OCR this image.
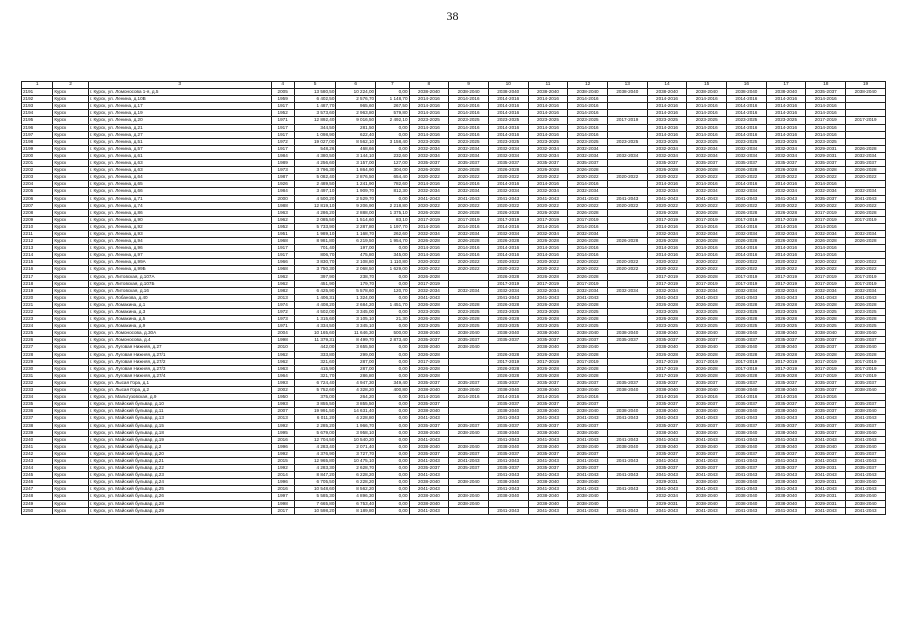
38
1	2	3	4	5	6	7	8	9	10	11	12	13	14	15	16	17	18	19
2191	Курск	г. Курск, ул. Ломоносова 1-я, д.5	2005	13 580,50	10 224,00	0,00	2038-2040	2038-2040	2038-2040	2038-2040	2038-2040	2038-2040	2038-2040	2038-2040	2038-2040	2038-2040	2035-2037	2038-2040
2192	Курск	г. Курск, ул. Ленина, д.10В	1959	6 402,50	2 576,70	1 148,70	2014-2016	2014-2016	2014-2016	2014-2016	2014-2016		2014-2016	2014-2016	2014-2016	2014-2016	2014-2016	
2193	Курск	г. Курск, ул. Ленина, д.17	1917	1 487,70	965,60	267,50	2014-2016	2014-2016	2014-2016	2014-2016	2014-2016		2014-2016	2014-2016	2014-2016	2014-2016	2014-2016	
2194	Курск	г. Курск, ул. Ленина, д.19	1952	3 573,60	2 963,80	579,80	2014-2016	2014-2016	2014-2016	2014-2016	2014-2016		2014-2016	2014-2016	2014-2016	2014-2016	2014-2016	
2195	Курск	г. Курск, ул. Ленина, д.20	1971	12 892,40	9 016,50	2 492,10	2023-2025	2023-2025	2023-2025	2023-2025	2023-2025	2017-2019	2023-2025	2023-2025	2023-2025	2023-2025	2017-2019	2017-2019
2196	Курск	г. Курск, ул. Ленина, д.21	1917	344,50	281,50	0,00	2014-2016	2014-2016	2014-2016	2014-2016	2014-2016		2014-2016	2014-2016	2014-2016	2014-2016	2014-2016	
2197	Курск	г. Курск, ул. Ленина, д.27	1917	1 098,90	622,40	0,00	2014-2016	2014-2016	2014-2016	2014-2016	2014-2016		2014-2016	2014-2016	2014-2016	2014-2016	2014-2016	
2198	Курск	г. Курск, ул. Ленина, д.51	1972	19 027,00	8 562,10	3 158,40	2023-2025	2023-2025	2023-2025	2023-2025	2023-2025	2023-2025	2023-2025	2023-2025	2023-2025	2023-2025	2023-2025	
2199	Курск	г. Курск, ул. Ленина, д.57	1917	548,26	468,66	0,00	2032-2034	2032-2034	2032-2034	2032-2034	2032-2034		2032-2034	2032-2034	2032-2034	2032-2034	2029-2031	2026-2028
2200	Курск	г. Курск, ул. Ленина, д.61	1984	4 380,50	3 144,10	232,60	2032-2034	2032-2034	2032-2034	2032-2034	2032-2034	2032-2034	2032-2034	2032-2034	2032-2034	2032-2034	2029-2031	2032-2034
2201	Курск	г. Курск, ул. Ленина, д.63	1989	4 256,60	3 157,00	127,00	2035-2037	2035-2037	2035-2037	2035-2037	2035-2037		2035-2037	2035-2037	2035-2037	2035-2037	2035-2037	2035-2037
2202	Курск	г. Курск, ул. Ленина, д.63	1973	3 796,30	1 864,90	304,00	2026-2028	2026-2028	2026-2028	2026-2028	2026-2028		2026-2028	2026-2028	2026-2028	2026-2028	2026-2028	2026-2028
2203	Курск	г. Курск, ул. Ленина, д.64	1987	5 082,40	2 876,50	654,40	2020-2022	2020-2022	2020-2022	2020-2022	2020-2022	2020-2022	2020-2022	2020-2022	2020-2022	2020-2022	2020-2022	2020-2022
2204	Курск	г. Курск, ул. Ленина, д.65	1926	2 489,50	1 241,90	782,60	2014-2016	2014-2016	2014-2016	2014-2016	2014-2016		2014-2016	2014-2016	2014-2016	2014-2016	2014-2016	
2205	Курск	г. Курск, ул. Ленина, д.66	1984	3 497,10	1 909,70	812,30	2032-2034	2032-2034	2032-2034	2032-2034	2032-2034		2032-2034	2032-2034	2032-2034	2032-2034	2032-2034	2032-2034
2206	Курск	г. Курск, ул. Ленина, д.71	2000	4 500,20	2 529,70	0,00	2041-2043	2041-2043	2041-2043	2041-2043	2041-2043	2041-2043	2041-2043	2041-2043	2041-2043	2041-2043	2035-2037	2041-2043
2207	Курск	г. Курск, ул. Ленина, д.74	1988	12 819,10	9 206,90	2 218,80	2020-2022	2020-2022	2020-2022	2020-2022	2020-2022	2020-2022	2020-2022	2020-2022	2020-2022	2020-2022	2020-2022	2020-2022
2208	Курск	г. Курск, ул. Ленина, д.86	1963	4 286,20	2 888,00	1 375,10	2026-2028	2026-2028	2026-2028	2026-2028	2026-2028		2026-2028	2026-2028	2026-2028	2026-2028	2017-2019	2026-2028
2209	Курск	г. Курск, ул. Ленина, д.90	1962	2 085,50	1 514,60	83,10	2017-2019	2017-2019	2017-2019	2017-2019	2017-2019		2017-2019	2017-2019	2017-2019	2017-2019	2017-2019	2017-2019
2210	Курск	г. Курск, ул. Ленина, д.92	1952	5 733,90	2 287,80	1 197,70	2014-2016	2014-2016	2014-2016	2014-2016	2014-2016		2014-2016	2014-2016	2014-2016	2014-2016	2014-2016	
2211	Курск	г. Курск, ул. Ленина, д.93	1951	1 989,10	1 168,70	262,60	2032-2034	2032-2034	2032-2034	2032-2034	2032-2034		2032-2034	2032-2034	2032-2034	2032-2034	2032-2034	2032-2034
2212	Курск	г. Курск, ул. Ленина, д.94	1968	8 981,80	6 219,50	1 954,70	2026-2028	2026-2028	2026-2028	2026-2028	2026-2028	2026-2028	2026-2028	2026-2028	2026-2028	2026-2028	2026-2028	2026-2028
2213	Курск	г. Курск, ул. Ленина, д.96	1917	701,40	197,00	0,00	2014-2016	2014-2016	2014-2016	2014-2016	2014-2016		2014-2016	2014-2016	2014-2016	2014-2016	2014-2016	
2214	Курск	г. Курск, ул. Ленина, д.97	1917	806,70	475,80	345,00	2014-2016	2014-2016	2014-2016	2014-2016	2014-2016		2014-2016	2014-2016	2014-2016	2014-2016	2014-2016	
2215	Курск	г. Курск, ул. Ленина, д.99А	1966	3 830,70	2 108,80	1 110,80	2020-2022	2020-2022	2020-2022	2020-2022	2020-2022	2020-2022	2020-2022	2020-2022	2020-2022	2020-2022	2020-2022	2020-2022
2216	Курск	г. Курск, ул. Ленина, д.99Б	1968	3 750,30	2 068,50	1 629,00	2020-2022	2020-2022	2020-2022	2020-2022	2020-2022	2020-2022	2020-2022	2020-2022	2020-2022	2020-2022	2020-2022	2020-2022
2217	Курск	г. Курск, ул. Литовская, д.107А	1962	397,90	238,70	0,00	2026-2028		2026-2028	2026-2028	2026-2028		2017-2019	2026-2028	2017-2019	2017-2019	2017-2019	2017-2019
2218	Курск	г. Курск, ул. Литовская, д.107Б	1962	451,90	179,70	0,00	2017-2019		2017-2019	2017-2019	2017-2019		2017-2019	2017-2019	2017-2019	2017-2019	2017-2019	2017-2019
2219	Курск	г. Курск, ул. Литовская, д.16	1982	6 425,90	5 578,60	120,70	2032-2034	2032-2034	2032-2034	2032-2034	2032-2034	2032-2034	2032-2034	2032-2034	2032-2034	2032-2034	2032-2034	2032-2034
2220	Курск	г. Курск, ул. Лобанова, д.40	2013	1 406,31	1 324,00	0,00	2041-2043		2041-2043	2041-2043	2041-2043		2041-2043	2041-2043	2041-2043	2041-2043	2041-2043	2041-2043
2221	Курск	г. Курск, ул. Ломакина, д.1	1974	4 408,20	2 684,20	1 451,70	2026-2028	2026-2028	2026-2028	2026-2028	2026-2028		2026-2028	2026-2028	2026-2028	2026-2028	2026-2028	2026-2028
2222	Курск	г. Курск, ул. Ломакина, д.3	1972	4 502,00	3 345,00	0,00	2023-2025	2023-2025	2023-2025	2023-2025	2023-2025		2023-2025	2023-2025	2023-2025	2023-2025	2023-2025	2023-2025
2223	Курск	г. Курск, ул. Ломакина, д.5	1973	1 315,60	3 105,10	21,30	2026-2028	2026-2028	2026-2028	2026-2028	2026-2028		2026-2028	2026-2028	2026-2028	2026-2028	2026-2028	2026-2028
2224	Курск	г. Курск, ул. Ломакина, д.9	1971	4 334,50	3 345,10	0,00	2023-2025	2023-2025	2023-2025	2023-2025	2023-2025		2023-2025	2023-2025	2023-2025	2023-2025	2023-2025	2023-2025
2225	Курск	г. Курск, ул. Ломоносова, д.30А	2004	10 165,60	11 646,30	500,00	2038-2040	2038-2040	2038-2040	2038-2040	2038-2040	2038-2040	2038-2040	2038-2040	2038-2040	2038-2040	2038-2040	2038-2040
2226	Курск	г. Курск, ул. Ломоносова, д.4	1998	11 379,31	8 499,70	2 873,40	2035-2037	2035-2037	2035-2037	2035-2037	2035-2037	2035-2037	2035-2037	2035-2037	2035-2037	2035-2037	2035-2037	2035-2037
2227	Курск	г. Курск, ул. Луговая Нижняя, д.27	2010	442,00	3 655,50	0,00	2038-2040	2038-2040		2038-2040	2038-2040		2038-2040	2038-2040	2038-2040	2038-2040	2035-2037	2038-2040
2228	Курск	г. Курск, ул. Луговая Нижняя, д.27/1	1962	333,80	299,00	0,00	2026-2028		2026-2028	2026-2028	2026-2028		2026-2028	2026-2028	2026-2028	2026-2028	2026-2028	2026-2028
2229	Курск	г. Курск, ул. Луговая Нижняя, д.27/2	1962	321,60	287,00	0,00	2017-2019		2017-2019	2017-2019	2017-2019		2017-2019	2017-2019	2017-2019	2017-2019	2017-2019	2017-2019
2230	Курск	г. Курск, ул. Луговая Нижняя, д.27/3	1963	415,90	287,00	0,00	2026-2028		2026-2028	2026-2028	2026-2028		2017-2019	2026-2028	2017-2019	2017-2019	2017-2019	2017-2019
2231	Курск	г. Курск, ул. Луговая Нижняя, д.27/4	1964	321,70	286,80	0,00	2026-2028		2026-2028	2026-2028	2026-2028		2017-2019	2026-2028	2026-2028	2026-2028	2017-2019	2017-2019
2232	Курск	г. Курск, ул. Лысая Гора, д.1	1993	6 724,40	4 947,30	349,40	2035-2037	2035-2037	2035-2037	2035-2037	2035-2037	2035-2037	2035-2037	2035-2037	2035-2037	2035-2037	2035-2037	2035-2037
2233	Курск	г. Курск, ул. Лысая Гора, д.2	2002	5 752,60	4 328,20	400,80	2038-2040	2038-2040	2038-2040	2038-2040	2038-2040	2038-2040	2038-2040	2038-2040	2038-2040	2038-2040	2035-2037	2038-2040
2234	Курск	г. Курск, ул. Мальтузовская, д.9	1950	375,00	264,20	0,00	2014-2016	2014-2016	2014-2016	2014-2016	2014-2016		2014-2016	2014-2016	2014-2016	2014-2016	2014-2016	
2235	Курск	г. Курск, ул. Майский бульвар, д.10	1993	3 855,50	3 855,50	0,00	2035-2037		2035-2037	2035-2037	2035-2037		2035-2037	2035-2037	2035-2037	2035-2037	2035-2037	2035-2037
2236	Курск	г. Курск, ул. Майский бульвар, д.11	2007	19 991,50	14 631,40	0,00	2038-2040		2038-2040	2038-2040	2038-2040	2038-2040	2038-2040	2038-2040	2038-2040	2038-2040	2035-2037	2038-2040
2237	Курск	г. Курск, ул. Майский бульвар, д.13	2013	6 011,20	4 228,80	0,00	2041-2043		2041-2043	2041-2043	2041-2043	2041-2043	2041-2043	2041-2043	2041-2043	2041-2043	2041-2043	2041-2043
2238	Курск	г. Курск, ул. Майский бульвар, д.15	1992	2 285,20	1 966,70	0,00	2035-2037	2035-2037	2035-2037	2035-2037	2035-2037		2035-2037	2035-2037	2035-2037	2035-2037	2035-2037	2035-2037
2239	Курск	г. Курск, ул. Майский бульвар, д.18	1995	5 679,00	3 958,10	0,00	2038-2040	2038-2040	2038-2040	2038-2040	2038-2040		2038-2040	2038-2040	2038-2040	2038-2040	2035-2037	2038-2040
2240	Курск	г. Курск, ул. Майский бульвар, д.19	2016	12 704,50	10 540,20	0,00	2041-2043		2041-2043	2041-2043	2041-2043	2041-2043	2041-2043	2041-2043	2041-2043	2041-2043	2041-2043	2041-2043
2241	Курск	г. Курск, ул. Майский бульвар, д.2	1996	4 283,40	2 071,40	0,00	2038-2040	2038-2040	2038-2040	2038-2040	2038-2040	2038-2040	2038-2040	2038-2040	2038-2040	2038-2040	2038-2040	2038-2040
2242	Курск	г. Курск, ул. Майский бульвар, д.20	1992	4 376,90	3 727,70	0,00	2035-2037	2035-2037	2035-2037	2035-2037	2035-2037		2035-2037	2035-2037	2035-2037	2035-2037	2035-2037	2035-2037
2243	Курск	г. Курск, ул. Майский бульвар, д.21	2015	12 965,80	10 475,10	0,00	2041-2043	2041-2043	2041-2043	2041-2043	2041-2043	2041-2043	2041-2043	2041-2043	2041-2043	2041-2043	2041-2043	2041-2043
2244	Курск	г. Курск, ул. Майский бульвар, д.22	1992	4 283,30	2 628,70	0,00	2035-2037	2035-2037	2035-2037	2035-2037	2035-2037		2035-2037	2035-2037	2035-2037	2035-2037	2029-2031	2035-2037
2245	Курск	г. Курск, ул. Майский бульвар, д.23	2014	8 847,20	6 228,20	0,00	2041-2043		2041-2043	2041-2043	2041-2043	2041-2043	2041-2043	2041-2043	2041-2043	2041-2043	2041-2043	2041-2043
2246	Курск	г. Курск, ул. Майский бульвар, д.24	1996	6 705,50	6 228,20	0,00	2038-2040	2038-2040	2038-2040	2038-2040	2038-2040		2029-2031	2038-2040	2038-2040	2038-2040	2029-2031	2038-2040
2247	Курск	г. Курск, ул. Майский бульвар, д.25	2016	10 548,60	8 562,20	0,00	2041-2043		2041-2043	2041-2043	2041-2043	2041-2043	2041-2043	2041-2043	2041-2043	2041-2043	2041-2043	2041-2043
2248	Курск	г. Курск, ул. Майский бульвар, д.26	1997	5 585,30	4 896,30	0,00	2038-2040	2038-2040	2038-2040	2038-2040	2038-2040		2032-2034	2038-2040	2038-2040	2038-2040	2029-2031	2038-2040
2249	Курск	г. Курск, ул. Майский бульвар, д.28	1998	7 665,80	6 753,40	0,00	2038-2040	2038-2040		2038-2040	2038-2040		2029-2031	2038-2040	2038-2040	2038-2040	2029-2031	2038-2040
2250	Курск	г. Курск, ул. Майский бульвар, д.29	2017	10 598,20	8 189,80	0,00	2041-2043		2041-2043	2041-2043	2041-2043	2041-2043	2041-2043	2041-2043	2041-2043	2041-2043	2041-2043	2041-2043
